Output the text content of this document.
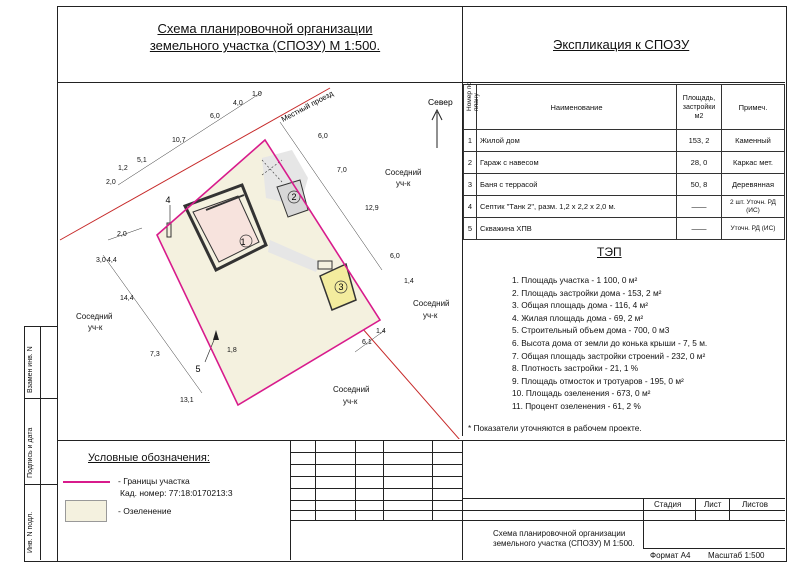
Взамен инв. N
Подпись и дата
Инв. N подл.
Схема планировочной организации
земельного участка (СПОЗУ) М 1:500.	Экспликация к СПОЗУ
Номер по плану	Наименование	Площадь, застройки м2	Примеч.
1	Жилой дом	153, 2	Каменный
2	Гараж с навесом	28, 0	Каркас мет.
3	Баня с террасой	50, 8	Деревянная
4	Септик "Танк 2", разм. 1,2 х 2,2 х 2,0 м.	——	2 шт. Уточн. РД (ИС)
5	Скважина ХПВ	——	Уточн. РД (ИС)
ТЭП
1. Площадь участка - 1 100, 0 м²
2. Площадь застройки дома - 153, 2 м²
3. Общая площадь дома - 116, 4 м²
4. Жилая площадь дома - 69, 2 м²
5. Строительный объем дома - 700, 0 м3
6. Высота дома от земли до конька крыши - 7, 5 м.
7. Общая площадь застройки строений - 232, 0 м²
8. Плотность застройки - 21, 1 %
9. Площадь отмосток и тротуаров - 195, 0 м²
10. Площадь озеленения - 673, 0 м²
11. Процент озеленения - 61, 2 %
* Показатели уточняются в рабочем проекте.
1
2
3
4
5
2,0
1,2
5,1
10,7
6,0
4,0
1,0
6,0
7,0
12,9
6,0
1,4
2,0
4,4
3,0
14,4
7,3
1,8
13,1
6,1
1,4
Местный проезд	Север
Соседний
уч-к
Соседний
уч-к
Соседний
уч-к
Соседний
уч-к
Условные обозначения:
- Границы участка
Кад. номер: 77:18:0170213:3
- Озеленение
Стадия	Лист	Листов
Схема планировочной организации
земельного участка (СПОЗУ) М 1:500.
Формат А4 Масштаб 1:500
